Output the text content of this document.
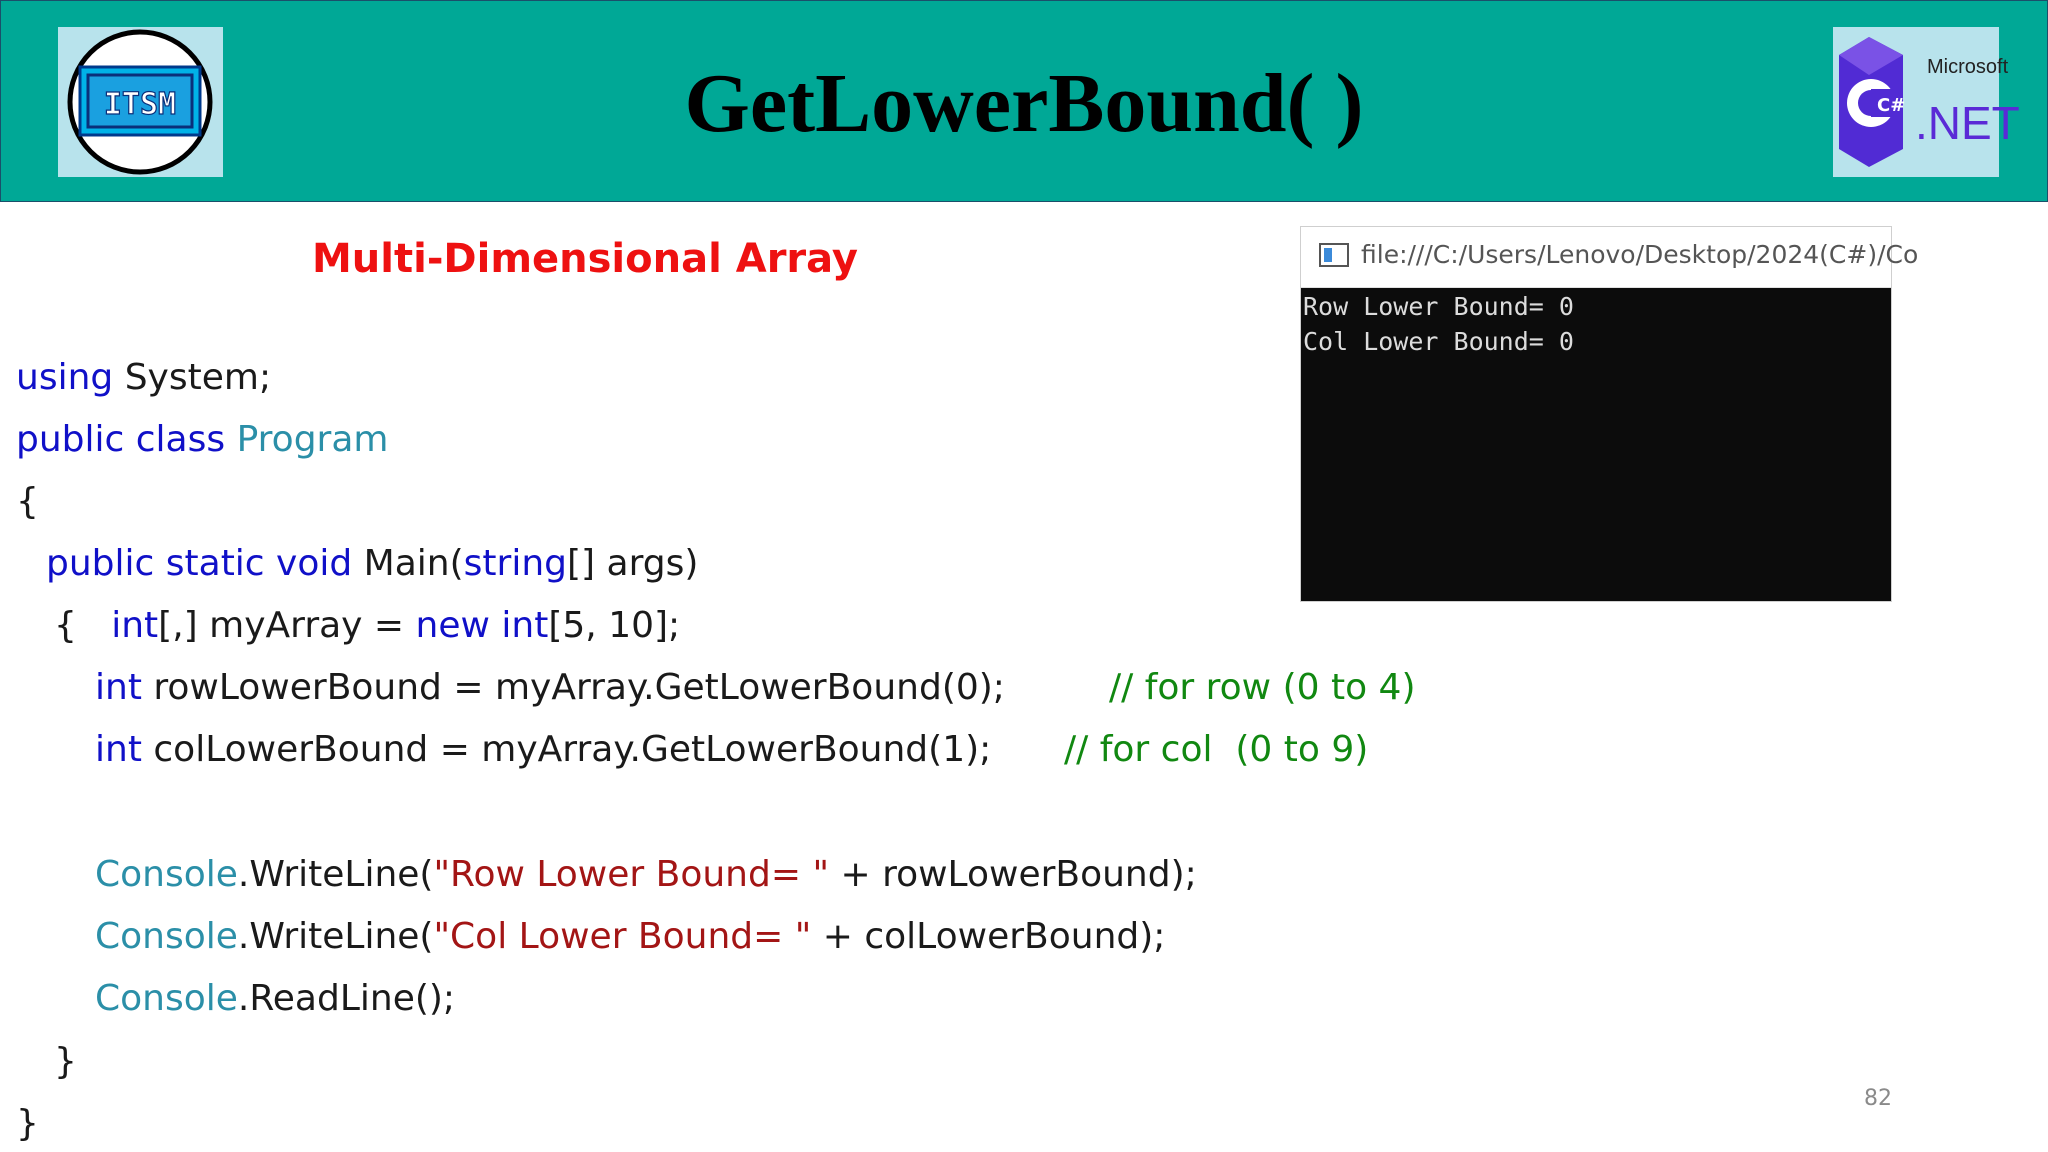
ITSM	GetLowerBound( )	C#
Microsoft
.NET
Multi-Dimensional Array
using System;
public class Program
{
public static void Main(string[] args)
{   int[,] myArray = new int[5, 10];
int rowLowerBound = myArray.GetLowerBound(0);	// for row (0 to 4)
int colLowerBound = myArray.GetLowerBound(1); // for col  (0 to 9)
Console.WriteLine("Row Lower Bound= " + rowLowerBound);
Console.WriteLine("Col Lower Bound= " + colLowerBound);
Console.ReadLine();
}
}
file:///C:/Users/Lenovo/Desktop/2024(C#)/Co
Row Lower Bound= 0
Col Lower Bound= 0
82
